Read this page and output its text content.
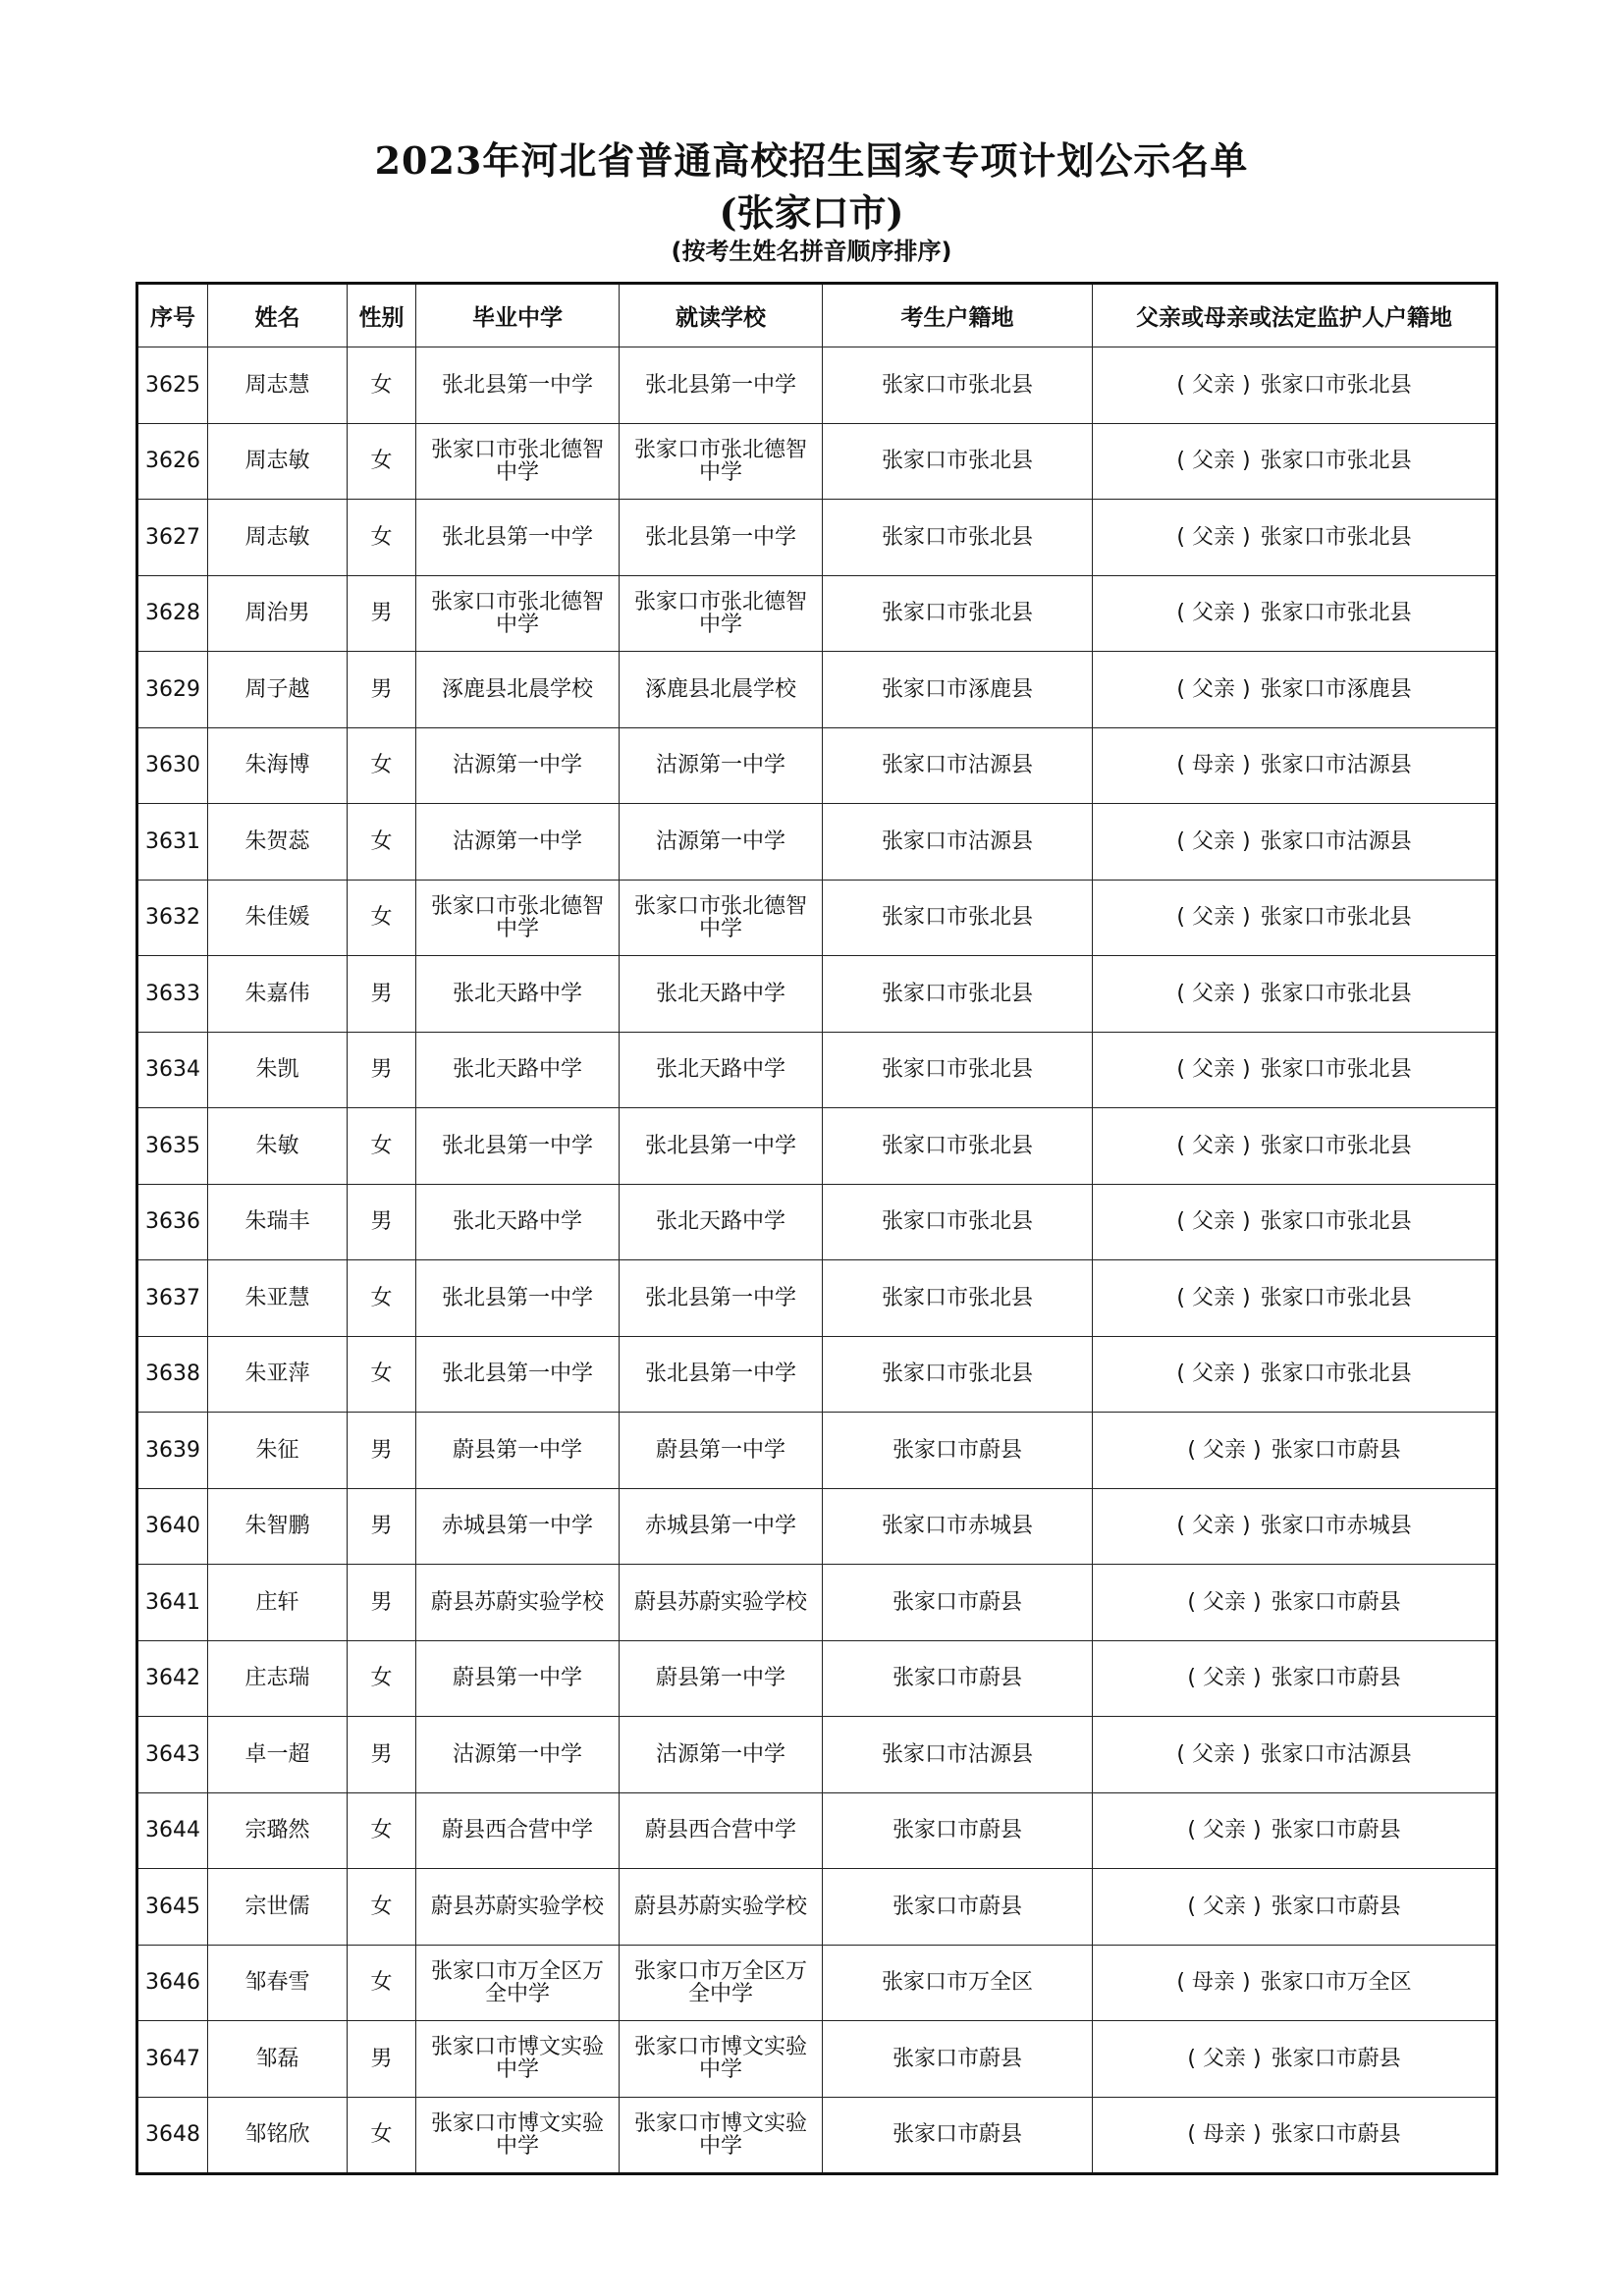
2023年河北省普通高校招生国家专项计划公示名单
(张家口市)
(按考生姓名拼音顺序排序)
序号	姓名	性别	毕业中学	就读学校	考生户籍地	父亲或母亲或法定监护人户籍地
3625	周志慧	女	张北县第一中学	张北县第一中学	张家口市张北县	( 父亲 ) 张家口市张北县
3626	周志敏	女	张家口市张北德智中学	张家口市张北德智中学	张家口市张北县	( 父亲 ) 张家口市张北县
3627	周志敏	女	张北县第一中学	张北县第一中学	张家口市张北县	( 父亲 ) 张家口市张北县
3628	周治男	男	张家口市张北德智中学	张家口市张北德智中学	张家口市张北县	( 父亲 ) 张家口市张北县
3629	周子越	男	涿鹿县北晨学校	涿鹿县北晨学校	张家口市涿鹿县	( 父亲 ) 张家口市涿鹿县
3630	朱海博	女	沽源第一中学	沽源第一中学	张家口市沽源县	( 母亲 ) 张家口市沽源县
3631	朱贺蕊	女	沽源第一中学	沽源第一中学	张家口市沽源县	( 父亲 ) 张家口市沽源县
3632	朱佳媛	女	张家口市张北德智中学	张家口市张北德智中学	张家口市张北县	( 父亲 ) 张家口市张北县
3633	朱嘉伟	男	张北天路中学	张北天路中学	张家口市张北县	( 父亲 ) 张家口市张北县
3634	朱凯	男	张北天路中学	张北天路中学	张家口市张北县	( 父亲 ) 张家口市张北县
3635	朱敏	女	张北县第一中学	张北县第一中学	张家口市张北县	( 父亲 ) 张家口市张北县
3636	朱瑞丰	男	张北天路中学	张北天路中学	张家口市张北县	( 父亲 ) 张家口市张北县
3637	朱亚慧	女	张北县第一中学	张北县第一中学	张家口市张北县	( 父亲 ) 张家口市张北县
3638	朱亚萍	女	张北县第一中学	张北县第一中学	张家口市张北县	( 父亲 ) 张家口市张北县
3639	朱征	男	蔚县第一中学	蔚县第一中学	张家口市蔚县	( 父亲 ) 张家口市蔚县
3640	朱智鹏	男	赤城县第一中学	赤城县第一中学	张家口市赤城县	( 父亲 ) 张家口市赤城县
3641	庄轩	男	蔚县苏蔚实验学校	蔚县苏蔚实验学校	张家口市蔚县	( 父亲 ) 张家口市蔚县
3642	庄志瑞	女	蔚县第一中学	蔚县第一中学	张家口市蔚县	( 父亲 ) 张家口市蔚县
3643	卓一超	男	沽源第一中学	沽源第一中学	张家口市沽源县	( 父亲 ) 张家口市沽源县
3644	宗璐然	女	蔚县西合营中学	蔚县西合营中学	张家口市蔚县	( 父亲 ) 张家口市蔚县
3645	宗世儒	女	蔚县苏蔚实验学校	蔚县苏蔚实验学校	张家口市蔚县	( 父亲 ) 张家口市蔚县
3646	邹春雪	女	张家口市万全区万全中学	张家口市万全区万全中学	张家口市万全区	( 母亲 ) 张家口市万全区
3647	邹磊	男	张家口市博文实验中学	张家口市博文实验中学	张家口市蔚县	( 父亲 ) 张家口市蔚县
3648	邹铭欣	女	张家口市博文实验中学	张家口市博文实验中学	张家口市蔚县	( 母亲 ) 张家口市蔚县
